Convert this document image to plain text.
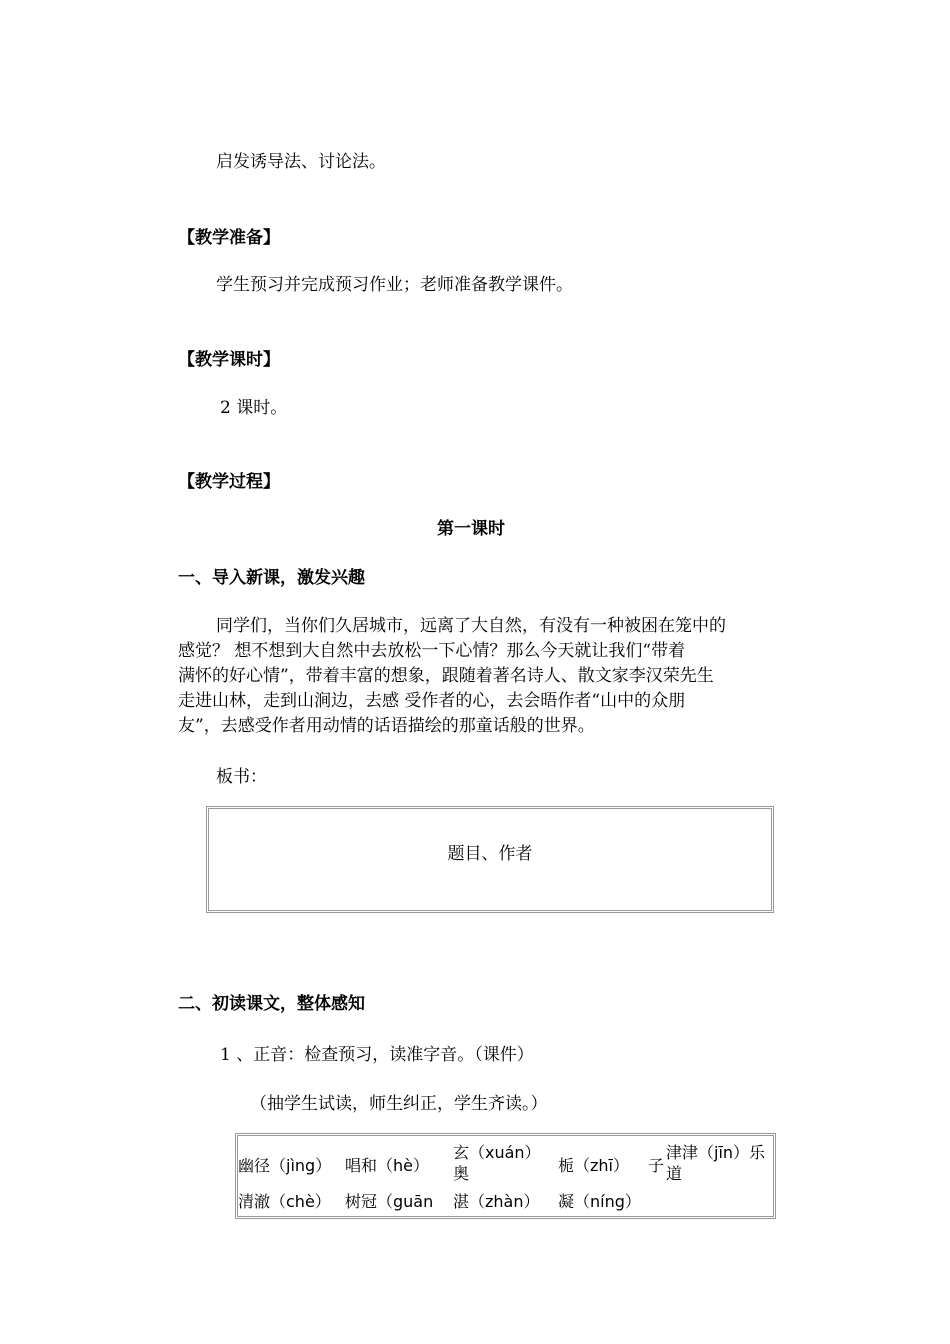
启发诱导法、讨论法。
【教学准备】
学生预习并完成预习作业；老师准备教学课件。
【教学课时】
2 课时。
【教学过程】
第一课时
一、导入新课，激发兴趣
同学们，当你们久居城市，远离了大自然，有没有一种被困在笼中的
感觉？ 想不想到大自然中去放松一下心情？那么今天就让我们“带着
满怀的好心情”，带着丰富的想象，跟随着著名诗人、散文家李汉荣先生
走进山林，走到山涧边，去感 受作者的心，去会晤作者“山中的众朋
友”，去感受作者用动情的话语描绘的那童话般的世界。
板书：
题目、作者
二、初读课文，整体感知
1 、正音：检查预习，读准字音。（课件）
（抽学生试读，师生纠正，学生齐读。）
幽径（jìng） 唱和（hè）
玄（xuán）
奥	栀（zhī） 子
津津（jīn）乐
道
清澈（chè） 树冠（guān 湛（zhàn） 凝（níng）
